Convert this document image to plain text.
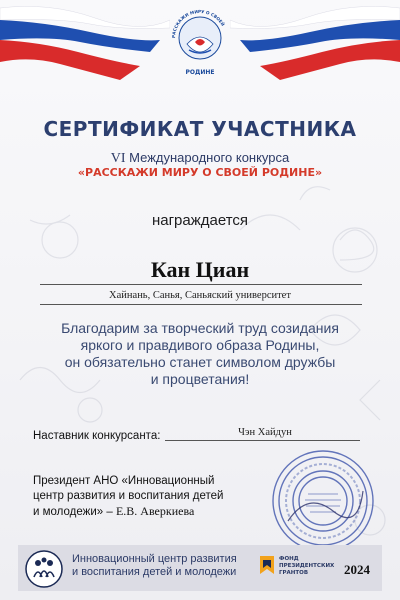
РАССКАЖИ МИРУ О СВОЕЙ
РОДИНЕ
СЕРТИФИКАТ УЧАСТНИКА
VI Международного конкурса
«РАССКАЖИ МИРУ О СВОЕЙ РОДИНЕ»
награждается
Кан Циан
Хайнань, Санья, Саньяский университет
Благодарим за творческий труд созидания
яркого и правдивого образа Родины,
он обязательно станет символом дружбы
и процветания!
Наставник конкурсанта:	Чэн Хайдун
Президент АНО «Инновационный
центр развития и воспитания детей
и молодежи» – Е.В. Аверкиева
Инновационный центр развития
и воспитания детей и молодежи
ФОНД
ПРЕЗИДЕНТСКИХ
ГРАНТОВ	2024
